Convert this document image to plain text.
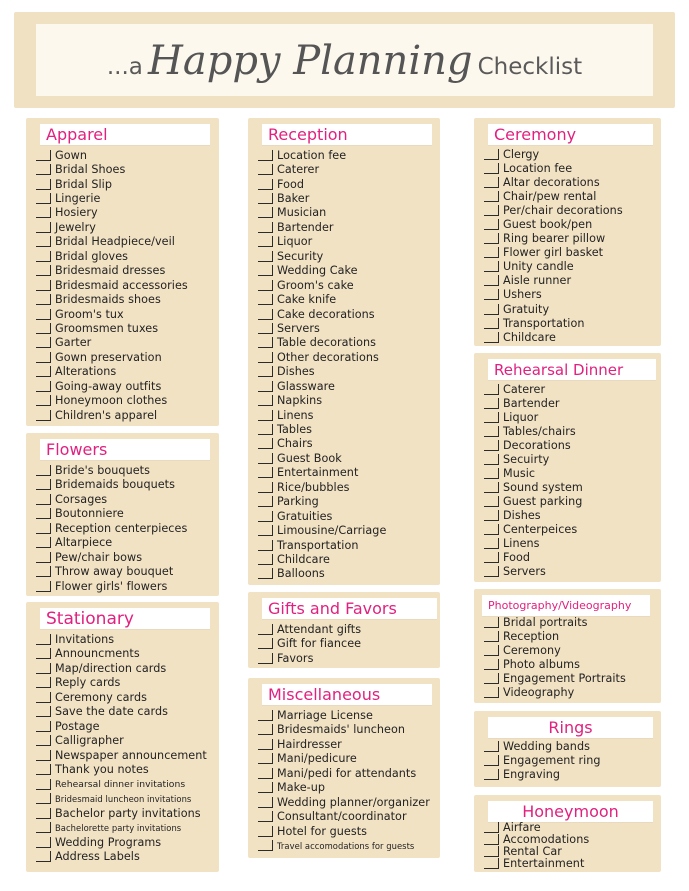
...a Happy Planning Checklist
Apparel
Gown
Bridal Shoes
Bridal Slip
Lingerie
Hosiery
Jewelry
Bridal Headpiece/veil
Bridal gloves
Bridesmaid dresses
Bridesmaid accessories
Bridesmaids shoes
Groom's tux
Groomsmen tuxes
Garter
Gown preservation
Alterations
Going-away outfits
Honeymoon clothes
Children's apparel
Flowers
Bride's bouquets
Bridemaids bouquets
Corsages
Boutonniere
Reception centerpieces
Altarpiece
Pew/chair bows
Throw away bouquet
Flower girls' flowers
Stationary
Invitations
Announcments
Map/direction cards
Reply cards
Ceremony cards
Save the date cards
Postage
Calligrapher
Newspaper announcement
Thank you notes
Rehearsal dinner invitations
Bridesmaid luncheon invitations
Bachelor party invitations
Bachelorette party invitations
Wedding Programs
Address Labels
Reception
Location fee
Caterer
Food
Baker
Musician
Bartender
Liquor
Security
Wedding Cake
Groom's cake
Cake knife
Cake decorations
Servers
Table decorations
Other decorations
Dishes
Glassware
Napkins
Linens
Tables
Chairs
Guest Book
Entertainment
Rice/bubbles
Parking
Gratuities
Limousine/Carriage
Transportation
Childcare
Balloons
Gifts and Favors
Attendant gifts
Gift for fiancee
Favors
Miscellaneous
Marriage License
Bridesmaids' luncheon
Hairdresser
Mani/pedicure
Mani/pedi for attendants
Make-up
Wedding planner/organizer
Consultant/coordinator
Hotel for guests
Travel accomodations for guests
Ceremony
Clergy
Location fee
Altar decorations
Chair/pew rental
Per/chair decorations
Guest book/pen
Ring bearer pillow
Flower girl basket
Unity candle
Aisle runner
Ushers
Gratuity
Transportation
Childcare
Rehearsal Dinner
Caterer
Bartender
Liquor
Tables/chairs
Decorations
Secuirty
Music
Sound system
Guest parking
Dishes
Centerpeices
Linens
Food
Servers
Photography/Videography
Bridal portraits
Reception
Ceremony
Photo albums
Engagement Portraits
Videography
Rings
Wedding bands
Engagement ring
Engraving
Honeymoon
Airfare
Accomodations
Rental Car
Entertainment
